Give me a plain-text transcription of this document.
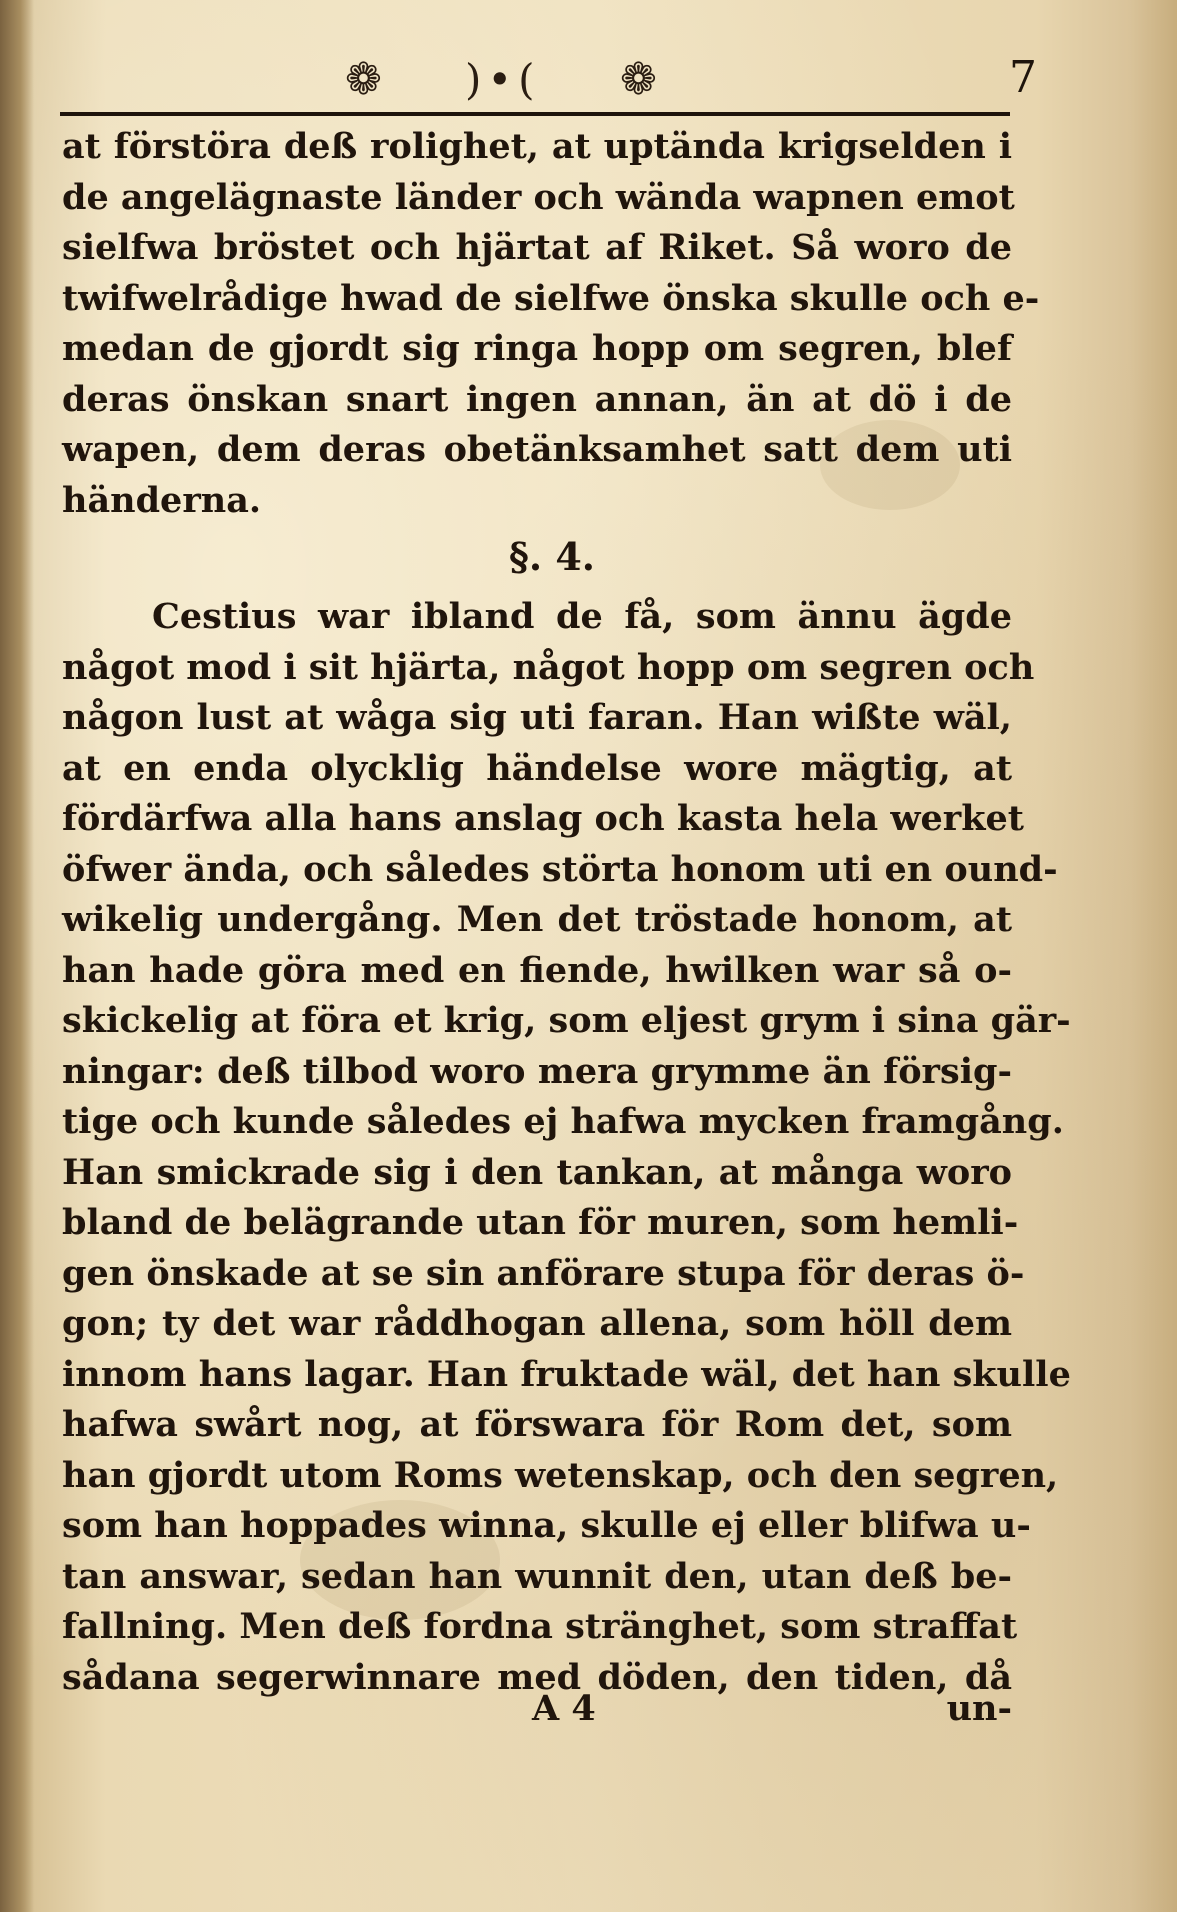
❁ )•( ❁	7
at förstöra deß rolighet, at uptända krigselden i
de angelägnaste länder och wända wapnen emot
sielfwa bröstet och hjärtat af Riket. Så woro de
twifwelrådige hwad de sielfwe önska skulle och e-
medan de gjordt sig ringa hopp om segren, blef
deras önskan snart ingen annan, än at dö i de
wapen, dem deras obetänksamhet satt dem uti
händerna.
§. 4.
Cestius war ibland de få, som ännu ägde
något mod i sit hjärta, något hopp om segren och
någon lust at wåga sig uti faran. Han wißte wäl,
at en enda olycklig händelse wore mägtig, at
fördärfwa alla hans anslag och kasta hela werket
öfwer ända, och således störta honom uti en ound-
wikelig undergång. Men det tröstade honom, at
han hade göra med en fiende, hwilken war så o-
skickelig at föra et krig, som eljest grym i sina gär-
ningar: deß tilbod woro mera grymme än försig-
tige och kunde således ej hafwa mycken framgång.
Han smickrade sig i den tankan, at många woro
bland de belägrande utan för muren, som hemli-
gen önskade at se sin anförare stupa för deras ö-
gon; ty det war råddhogan allena, som höll dem
innom hans lagar. Han fruktade wäl, det han skulle
hafwa swårt nog, at förswara för Rom det, som
han gjordt utom Roms wetenskap, och den segren,
som han hoppades winna, skulle ej eller blifwa u-
tan answar, sedan han wunnit den, utan deß be-
fallning. Men deß fordna stränghet, som straffat
sådana segerwinnare med döden, den tiden, då
A 4	un-
